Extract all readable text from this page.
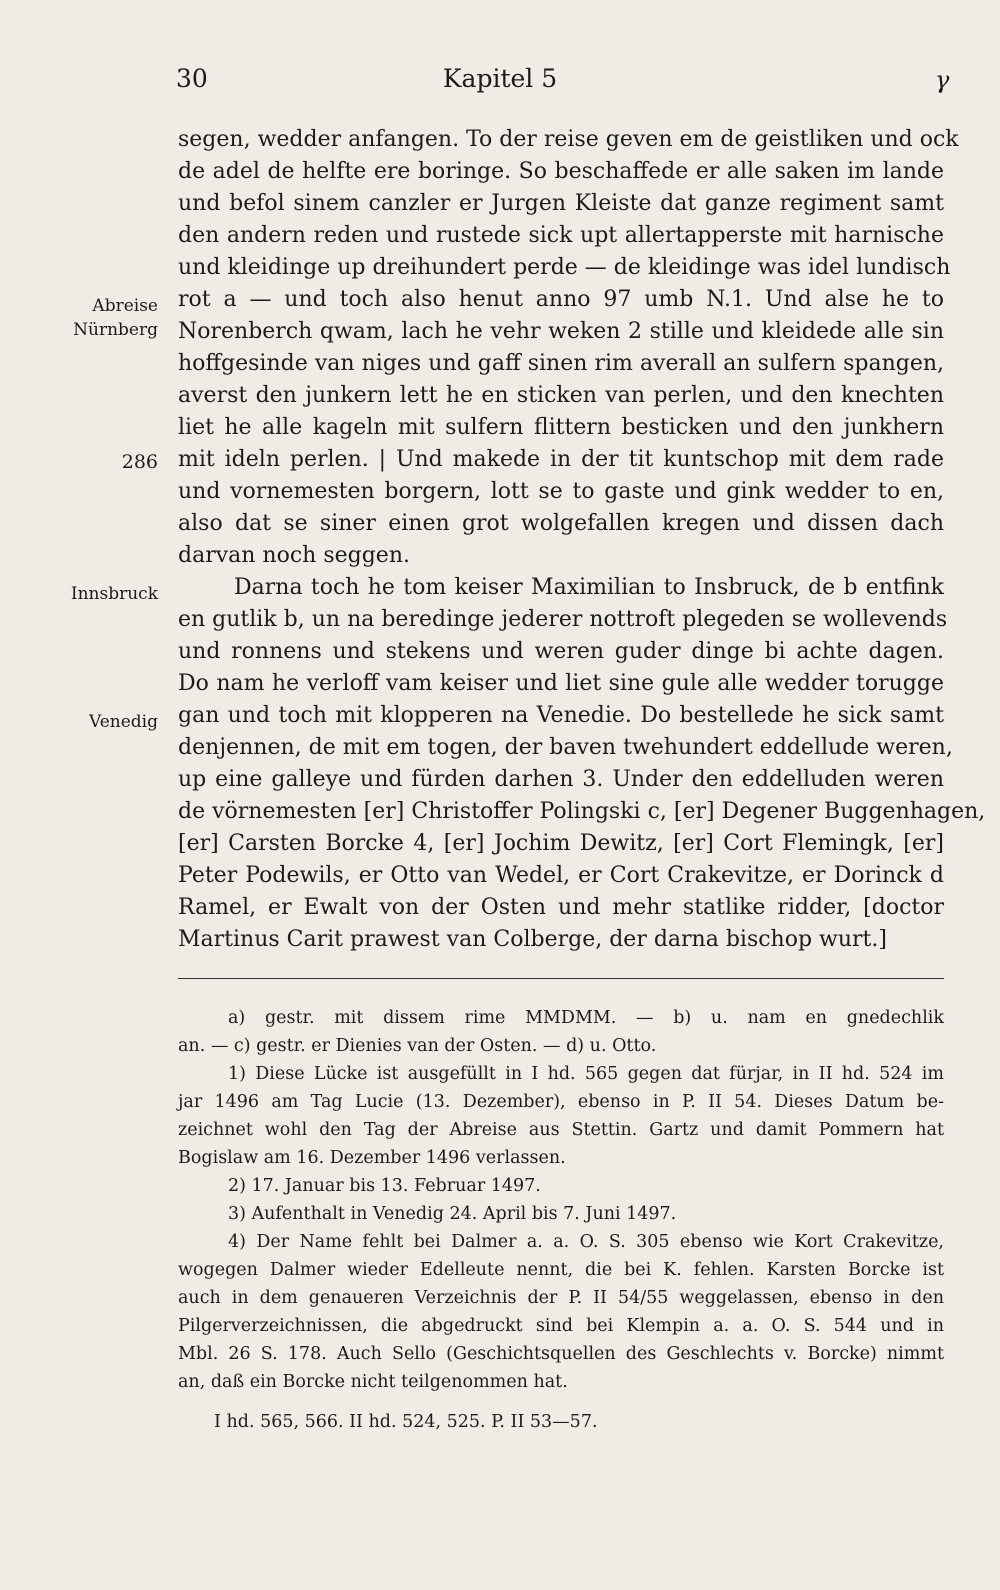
30	Kapitel 5	γ
Abreise
Nürnberg
286
Innsbruck
Venedig
segen, wedder anfangen. To der reise geven em de geistliken und ock
de adel de helfte ere boringe. So beschaffede er alle saken im lande
und befol sinem canzler er Jurgen Kleiste dat ganze regiment samt
den andern reden und rustede sick upt allertapperste mit harnische
und kleidinge up dreihundert perde — de kleidinge was idel lundisch
rot a — und toch also henut anno 97 umb N.1. Und alse he to
Norenberch qwam, lach he vehr weken 2 stille und kleidede alle sin
hoffgesinde van niges und gaff sinen rim averall an sulfern spangen,
averst den junkern lett he en sticken van perlen, und den knechten
liet he alle kageln mit sulfern flittern besticken und den junkhern
mit ideln perlen. | Und makede in der tit kuntschop mit dem rade
und vornemesten borgern, lott se to gaste und gink wedder to en,
also dat se siner einen grot wolgefallen kregen und dissen dach
darvan noch seggen.
Darna toch he tom keiser Maximilian to Insbruck, de b entfink
en gutlik b, un na beredinge jederer nottroft plegeden se wollevends
und ronnens und stekens und weren guder dinge bi achte dagen.
Do nam he verloff vam keiser und liet sine gule alle wedder torugge
gan und toch mit klopperen na Venedie. Do bestellede he sick samt
denjennen, de mit em togen, der baven twehundert eddellude weren,
up eine galleye und fürden darhen 3. Under den eddelluden weren
de vörnemesten [er] Christoffer Polingski c, [er] Degener Buggenhagen,
[er] Carsten Borcke 4, [er] Jochim Dewitz, [er] Cort Flemingk, [er]
Peter Podewils, er Otto van Wedel, er Cort Crakevitze, er Dorinck d
Ramel, er Ewalt von der Osten und mehr statlike ridder, [doctor
Martinus Carit prawest van Colberge, der darna bischop wurt.]
a) gestr. mit dissem rime MMDMM. — b) u. nam en gnedechlik
an. — c) gestr. er Dienies van der Osten. — d) u. Otto.
1) Diese Lücke ist ausgefüllt in I hd. 565 gegen dat fürjar, in II hd. 524 im
jar 1496 am Tag Lucie (13. Dezember), ebenso in P. II 54. Dieses Datum be-
zeichnet wohl den Tag der Abreise aus Stettin. Gartz und damit Pommern hat
Bogislaw am 16. Dezember 1496 verlassen.
2) 17. Januar bis 13. Februar 1497.
3) Aufenthalt in Venedig 24. April bis 7. Juni 1497.
4) Der Name fehlt bei Dalmer a. a. O. S. 305 ebenso wie Kort Crakevitze,
wogegen Dalmer wieder Edelleute nennt, die bei K. fehlen. Karsten Borcke ist
auch in dem genaueren Verzeichnis der P. II 54/55 weggelassen, ebenso in den
Pilgerverzeichnissen, die abgedruckt sind bei Klempin a. a. O. S. 544 und in
Mbl. 26 S. 178. Auch Sello (Geschichtsquellen des Geschlechts v. Borcke) nimmt
an, daß ein Borcke nicht teilgenommen hat.
I hd. 565, 566. II hd. 524, 525. P. II 53—57.
